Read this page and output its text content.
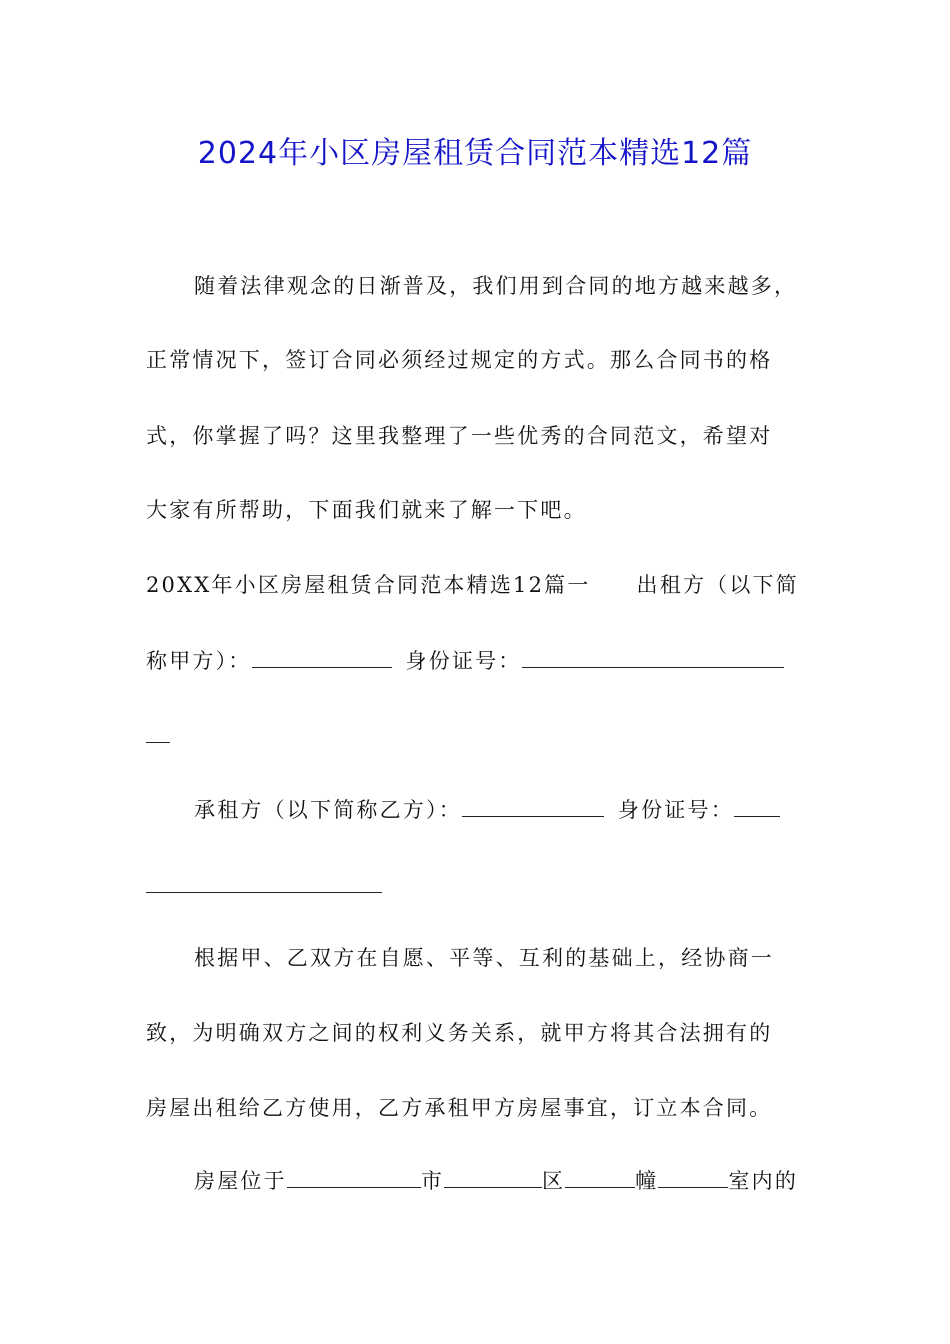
2024年小区房屋租赁合同范本精选12篇
随着法律观念的日渐普及，我们用到合同的地方越来越多，
正常情况下，签订合同必须经过规定的方式。那么合同书的格
式，你掌握了吗？这里我整理了一些优秀的合同范文，希望对
大家有所帮助，下面我们就来了解一下吧。
20XX年小区房屋租赁合同范本精选12篇一 出租方（以下简
称甲方）：	身份证号：
承租方（以下简称乙方）：	身份证号：
根据甲、乙双方在自愿、平等、互利的基础上，经协商一
致，为明确双方之间的权利义务关系，就甲方将其合法拥有的
房屋出租给乙方使用，乙方承租甲方房屋事宜，订立本合同。
房屋位于	市	区	幢	室内的
